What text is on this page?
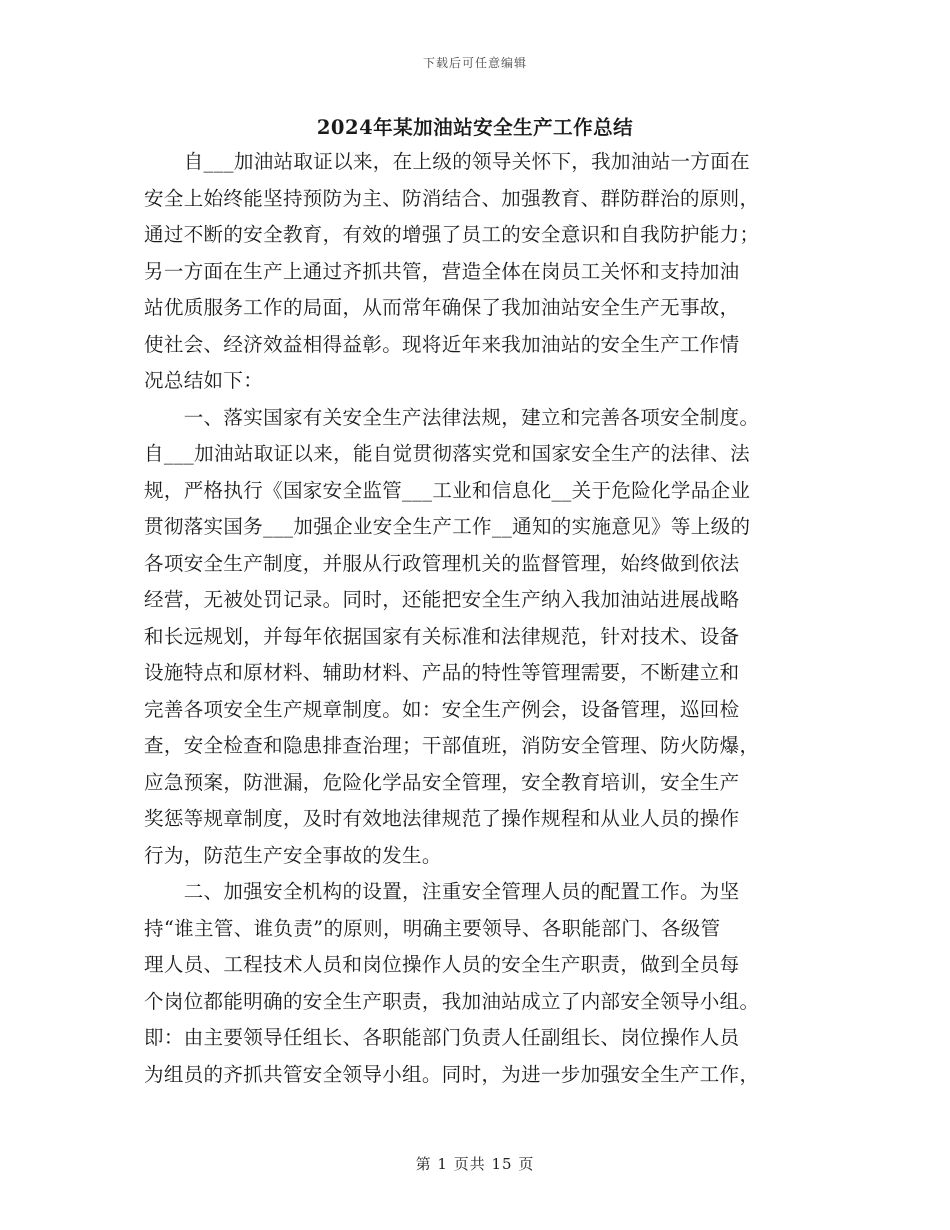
下载后可任意编辑
2024年某加油站安全生产工作总结
　　自___加油站取证以来，在上级的领导关怀下，我加油站一方面在
安全上始终能坚持预防为主、防消结合、加强教育、群防群治的原则，
通过不断的安全教育，有效的增强了员工的安全意识和自我防护能力；
另一方面在生产上通过齐抓共管，营造全体在岗员工关怀和支持加油
站优质服务工作的局面，从而常年确保了我加油站安全生产无事故，
使社会、经济效益相得益彰。现将近年来我加油站的安全生产工作情
况总结如下：
　　一、落实国家有关安全生产法律法规，建立和完善各项安全制度。
自___加油站取证以来，能自觉贯彻落实党和国家安全生产的法律、法
规，严格执行《国家安全监管___工业和信息化__关于危险化学品企业
贯彻落实国务___加强企业安全生产工作__通知的实施意见》等上级的
各项安全生产制度，并服从行政管理机关的监督管理，始终做到依法
经营，无被处罚记录。同时，还能把安全生产纳入我加油站进展战略
和长远规划，并每年依据国家有关标准和法律规范，针对技术、设备
设施特点和原材料、辅助材料、产品的特性等管理需要，不断建立和
完善各项安全生产规章制度。如：安全生产例会，设备管理，巡回检
查，安全检查和隐患排查治理；干部值班，消防安全管理、防火防爆，
应急预案，防泄漏，危险化学品安全管理，安全教育培训，安全生产
奖惩等规章制度，及时有效地法律规范了操作规程和从业人员的操作
行为，防范生产安全事故的发生。
　　二、加强安全机构的设置，注重安全管理人员的配置工作。为坚
持“谁主管、谁负责”的原则，明确主要领导、各职能部门、各级管
理人员、工程技术人员和岗位操作人员的安全生产职责，做到全员每
个岗位都能明确的安全生产职责，我加油站成立了内部安全领导小组。
即：由主要领导任组长、各职能部门负责人任副组长、岗位操作人员
为组员的齐抓共管安全领导小组。同时，为进一步加强安全生产工作，
第 1 页共 15 页
